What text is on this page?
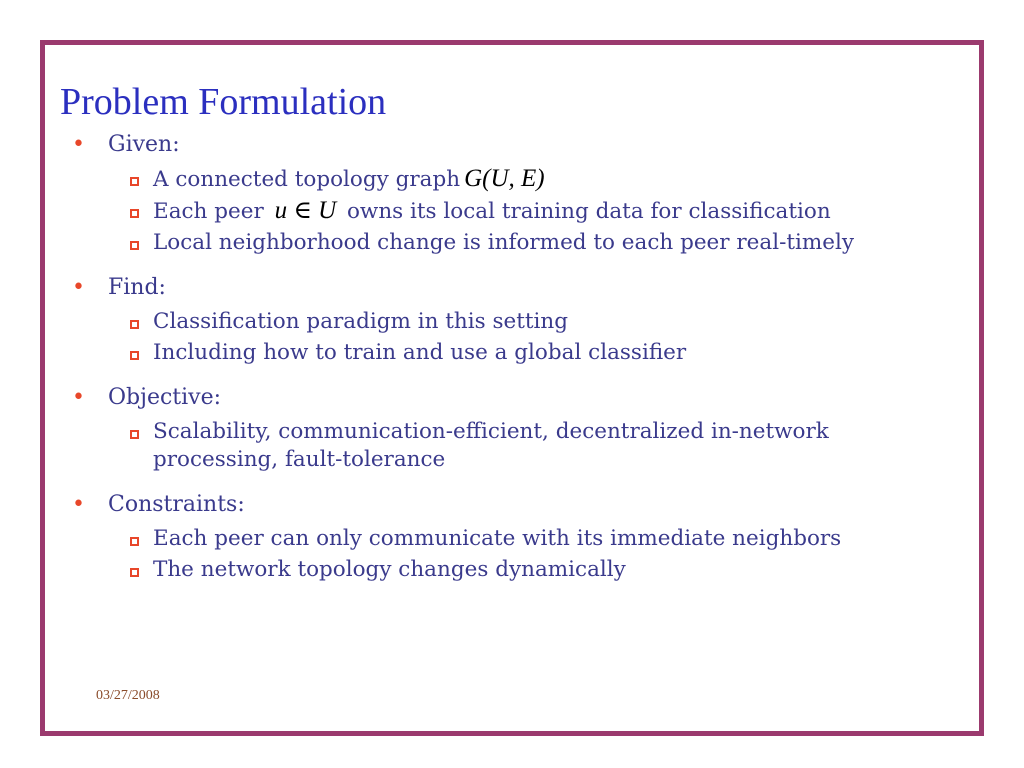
Problem Formulation
• Given:
A connected topology graph G(U, E)
Each peer u ∈ U owns its local training data for classification
Local neighborhood change is informed to each peer real-timely
• Find:
Classification paradigm in this setting
Including how to train and use a global classifier
• Objective:
Scalability, communication-efficient, decentralized in-network processing, fault-tolerance
• Constraints:
Each peer can only communicate with its immediate neighbors
The network topology changes dynamically
03/27/2008
